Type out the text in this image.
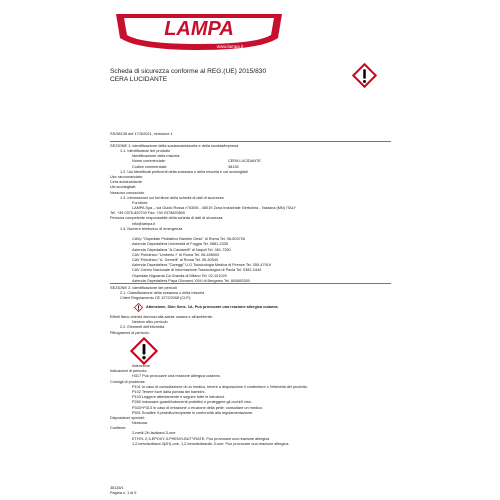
LAMPA
www.lampa.it
Scheda di sicurezza conforme al REG.(UE) 2015/830
CERA LUCIDANTE
SS/38135 del 17/3/2021, revisione 1
SEZIONE 1: identificazione della sostanza/miscela e della società/impresa
1.1. Identificatore del prodotto
Identificazione della miscela:
Nome commerciale:	CERA LUCIDANTE
Codice commerciale:	38135
1.2. Usi identificati pertinenti della sostanza o della miscela e usi sconsigliati
Uso raccomandato:
Cera autolucidante
Usi sconsigliati:
Nessuno conosciuto.
1.3. Informazioni sul fornitore della scheda di dati di sicurezza
Fornitore:
LAMPA Spa – via Guido Rossa n°53/55 - 46019 Zona Industriale Gerbolina - Viadana (MN) ITALY
Tel. +39 0375-820700 Fax: +39 0375820800
Persona competente responsabile della scheda di dati di sicurezza:
info@lampa.it
1.4. Numero telefonico di emergenza
CAVp "Ospedale Pediatrico Bambin Gesù" di Roma Tel. 06-503726
Azienda Ospedaliera Università di Foggia Tel. 0881-2335
Azienda Ospedaliera "A.Cardarelli" di Napoli Tel. 081-7290
CAV Policlinico "Umberto I" di Roma Tel. 06-496000
CAV Policlinico "A. Gemelli" di Roma Tel. 06-30543
Azienda Ospedaliera "Careggi" U.O.Tossicologia Medica di Firenze Tel. 055-47919
CAV Centro Nazionale di Informazione Tossicologica di Pavia Tel. 0382-2444
Ospedale Niguarda Cà Granda di Milano Tel. 02-101029
Azienda Ospedaliera Papa Giovanni XXIII di Bergamo Tel. 800883300
SEZIONE 2: identificazione dei pericoli
2.1. Classificazione della sostanza o della miscela
Criteri Regolamento CE 1272/2008 (CLP):
Attenzione, Skin Sens. 1A, Può provocare una reazione allergica cutanea.
Effetti fisico-chimici dannosi alla salute umana e all'ambiente:
Nessun altro pericolo
2.2. Elementi dell'etichetta
Pittogrammi di pericolo:
Attenzione
Indicazioni di pericolo:
H317 Può provocare una reazione allergica cutanea.
Consigli di prudenza:
P101 In caso di consultazione di un medico, tenere a disposizione il contenitore o l'etichetta del prodotto.
P102 Tenere fuori dalla portata dei bambini.
P103 Leggere attentamente e seguire tutte le istruzioni.
P280 Indossare guanti/indumenti protettivi e proteggere gli occhi/il viso.
P333+P313 In caso di irritazione o eruzione della pelle: consultare un medico.
P501 Smaltire il prodotto/recipiente in conformità alla regolamentazione.
Disposizioni speciali:
Nessuna
Contiene:
2-metil-2H-isotiazol-3-one
ETHYL 2,3-EPOXY-3-PHENYLBUTYRATE: Può provocare una reazione allergica
1,2-benzisotiazol-3(2H)-one, 1,2-benzisotiazolin-3-one: Può provocare una reazione allergica.
38135/1
Pagina n. 1 di 9
